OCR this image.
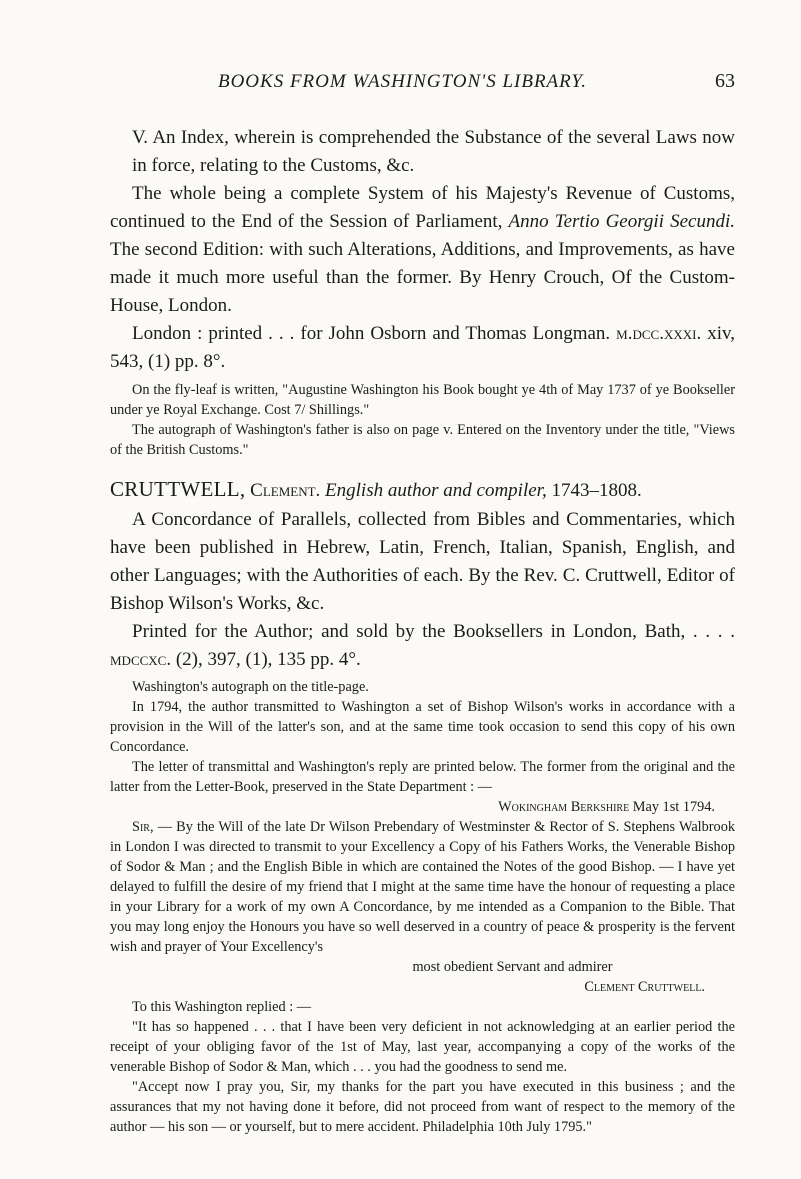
BOOKS FROM WASHINGTON'S LIBRARY.	63

V. An Index, wherein is comprehended the Substance of the several Laws now in force, relating to the Customs, &c.

The whole being a complete System of his Majesty's Revenue of Customs, continued to the End of the Session of Parliament, Anno Tertio Georgii Secundi. The second Edition: with such Alterations, Additions, and Improvements, as have made it much more useful than the former. By Henry Crouch, Of the Custom-House, London.

London : printed . . . for John Osborn and Thomas Longman. m.dcc.xxxi. xiv, 543, (1) pp. 8°.

On the fly-leaf is written, "Augustine Washington his Book bought ye 4th of May 1737 of ye Bookseller under ye Royal Exchange. Cost 7/ Shillings."

The autograph of Washington's father is also on page v. Entered on the Inventory under the title, "Views of the British Customs."

CRUTTWELL, Clement. English author and compiler, 1743–1808.

A Concordance of Parallels, collected from Bibles and Commentaries, which have been published in Hebrew, Latin, French, Italian, Spanish, English, and other Languages; with the Authorities of each. By the Rev. C. Cruttwell, Editor of Bishop Wilson's Works, &c.

Printed for the Author; and sold by the Booksellers in London, Bath, . . . . mdccxc. (2), 397, (1), 135 pp. 4°.

Washington's autograph on the title-page.

In 1794, the author transmitted to Washington a set of Bishop Wilson's works in accordance with a provision in the Will of the latter's son, and at the same time took occasion to send this copy of his own Concordance.

The letter of transmittal and Washington's reply are printed below. The former from the original and the latter from the Letter-Book, preserved in the State Department : —

Wokingham Berkshire May 1st 1794.

Sir, — By the Will of the late Dr Wilson Prebendary of Westminster & Rector of S. Stephens Walbrook in London I was directed to transmit to your Excellency a Copy of his Fathers Works, the Venerable Bishop of Sodor & Man ; and the English Bible in which are contained the Notes of the good Bishop. — I have yet delayed to fulfill the desire of my friend that I might at the same time have the honour of requesting a place in your Library for a work of my own A Concordance, by me intended as a Companion to the Bible. That you may long enjoy the Honours you have so well deserved in a country of peace & prosperity is the fervent wish and prayer of Your Excellency's

most obedient Servant and admirer

Clement Cruttwell.

To this Washington replied : —

"It has so happened . . . that I have been very deficient in not acknowledging at an earlier period the receipt of your obliging favor of the 1st of May, last year, accompanying a copy of the works of the venerable Bishop of Sodor & Man, which . . . you had the goodness to send me.

"Accept now I pray you, Sir, my thanks for the part you have executed in this business ; and the assurances that my not having done it before, did not proceed from want of respect to the memory of the author — his son — or yourself, but to mere accident. Philadelphia 10th July 1795."
